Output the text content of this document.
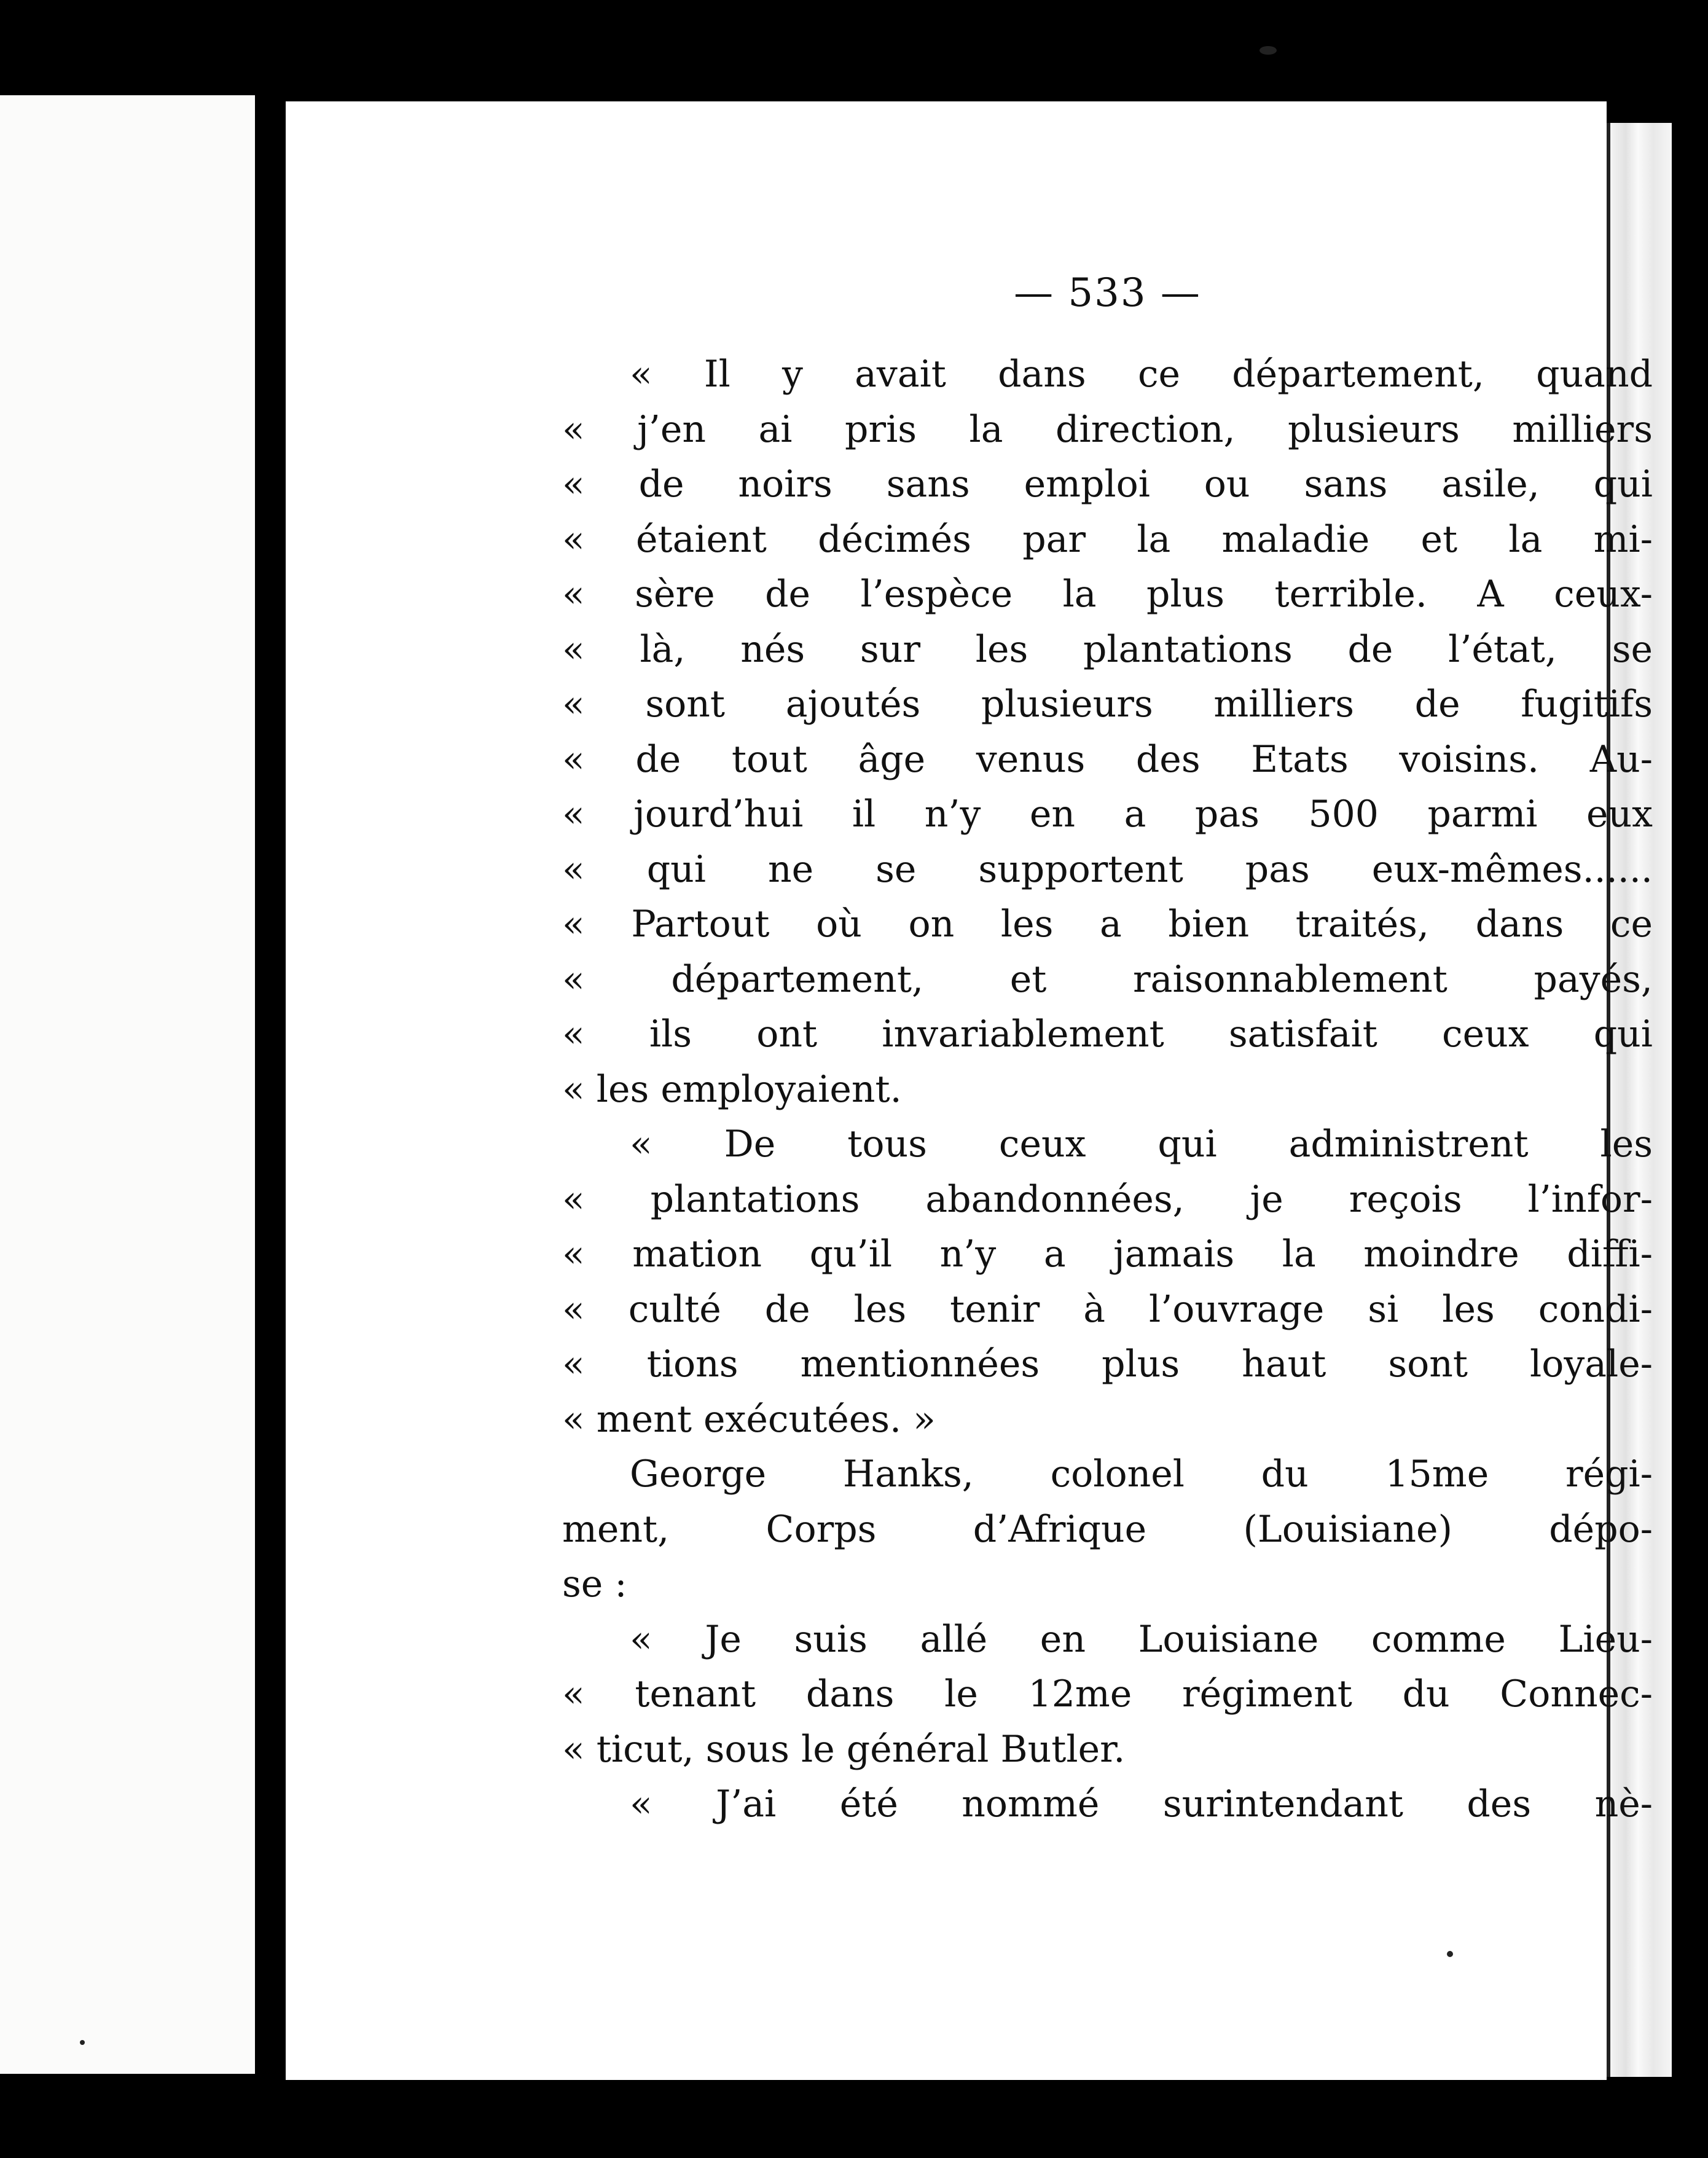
— 533 —
« Il y avait dans ce département, quand
« j’en ai pris la direction, plusieurs milliers
« de noirs sans emploi ou sans asile, qui
« étaient décimés par la maladie et la mi-
« sère de l’espèce la plus terrible. A ceux-
« là, nés sur les plantations de l’état, se
« sont ajoutés plusieurs milliers de fugitifs
« de tout âge venus des Etats voisins. Au-
« jourd’hui il n’y en a pas 500 parmi eux
« qui ne se supportent pas eux-mêmes......
« Partout où on les a bien traités, dans ce
« département, et raisonnablement payés,
« ils ont invariablement satisfait ceux qui
« les employaient.
« De tous ceux qui administrent les
« plantations abandonnées, je reçois l’infor-
« mation qu’il n’y a jamais la moindre diffi-
« culté de les tenir à l’ouvrage si les condi-
« tions mentionnées plus haut sont loyale-
« ment exécutées. »
George Hanks, colonel du 15me régi-
ment, Corps d’Afrique (Louisiane) dépo-
se :
« Je suis allé en Louisiane comme Lieu-
« tenant dans le 12me régiment du Connec-
« ticut, sous le général Butler.
« J’ai été nommé surintendant des nè-
